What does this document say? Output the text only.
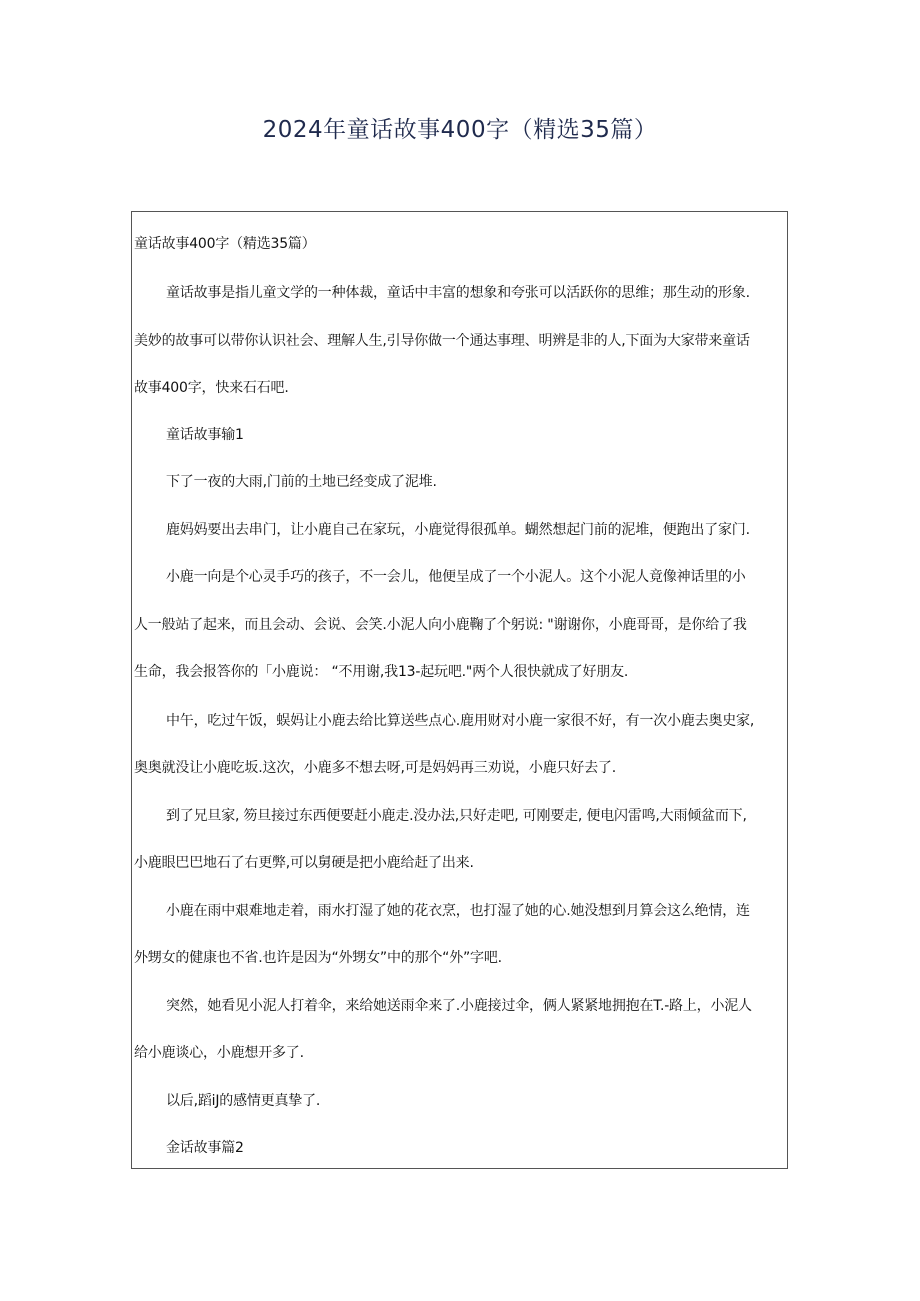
2024年童话故事400字（精选35篇）
童话故事400字（精选35篇）
童话故事是指儿童文学的一种体裁，童话中丰富的想象和夸张可以活跃你的思维；那生动的形象.
美妙的故事可以带你认识社会、理解人生,引导你做一个通达事理、明辨是非的人,下面为大家带来童话
故事400字，快来石石吧.
童话故事输1
下了一夜的大雨,门前的土地已经变成了泥堆.
鹿妈妈要出去串门，让小鹿自己在家玩，小鹿觉得很孤单。蝴然想起门前的泥堆，便跑出了家门.
小鹿一向是个心灵手巧的孩子，不一会儿，他便呈成了一个小泥人。这个小泥人竟像神话里的小
人一般站了起来，而且会动、会说、会笑.小泥人向小鹿鞠了个躬说: "谢谢你，小鹿哥哥，是你给了我
生命，我会报答你的「小鹿说： “不用谢,我13-起玩吧."两个人很快就成了好朋友.
中午，吃过午饭，蜈妈让小鹿去给比算送些点心.鹿用财对小鹿一家很不好，有一次小鹿去奥史家,
奥奥就没让小鹿吃坂.这次，小鹿多不想去呀,可是妈妈再三劝说，小鹿只好去了.
到了兄旦家, 笏旦接过东西便要赶小鹿走.没办法,只好走吧, 可刚要走, 便电闪雷鸣,大雨倾盆而下,
小鹿眼巴巴地石了右更弊,可以舅硬是把小鹿给赶了出来.
小鹿在雨中艰难地走着，雨水打湿了她的花衣烹，也打湿了她的心.她没想到月算会这么绝情，连
外甥女的健康也不省.也许是因为“外甥女”中的那个“外”字吧.
突然，她看见小泥人打着伞，来给她送雨伞来了.小鹿接过伞，俩人紧紧地拥抱在T.-路上，小泥人
给小鹿谈心，小鹿想开多了.
以后,蹈iJ的感情更真挚了.
金话故事篇2
